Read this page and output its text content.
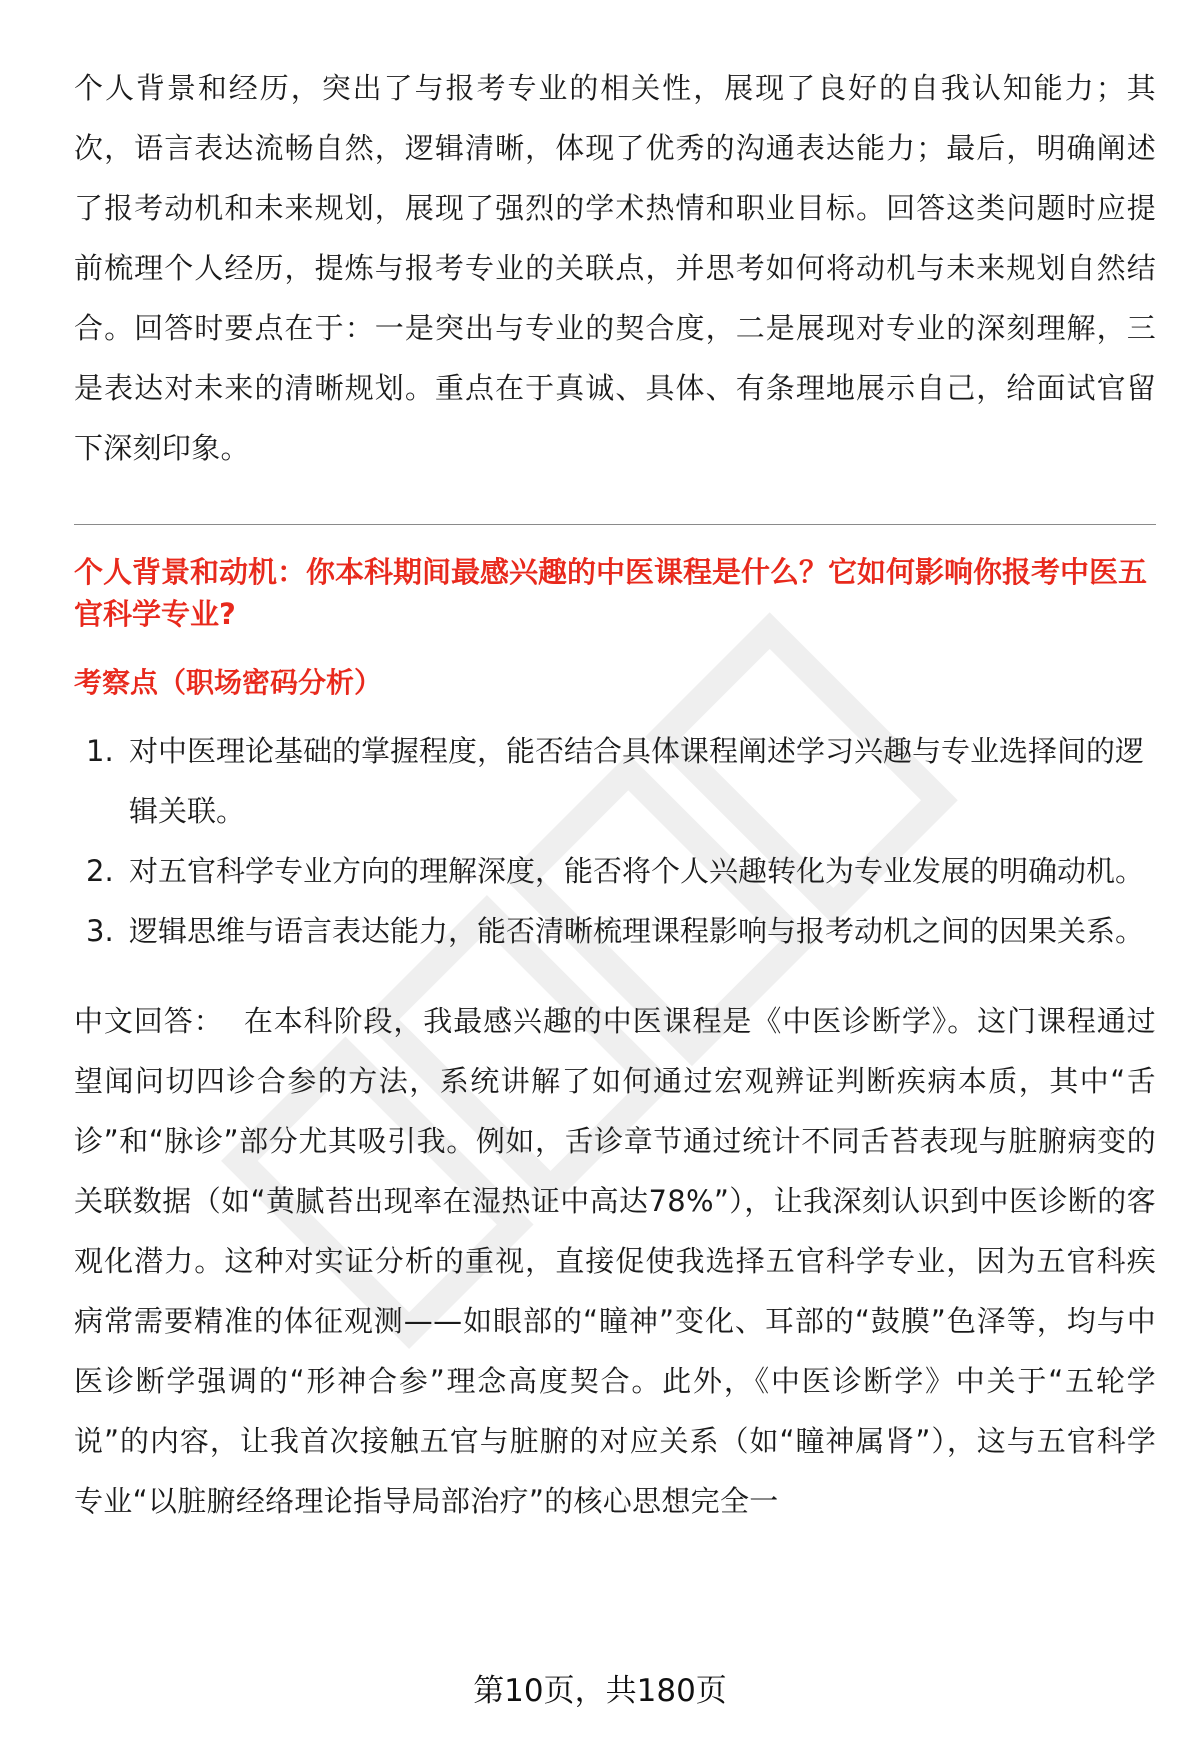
个人背景和经历，突出了与报考专业的相关性，展现了良好的自我认知能力；其次，语言表达流畅自然，逻辑清晰，体现了优秀的沟通表达能力；最后，明确阐述了报考动机和未来规划，展现了强烈的学术热情和职业目标。回答这类问题时应提前梳理个人经历，提炼与报考专业的关联点，并思考如何将动机与未来规划自然结合。回答时要点在于：一是突出与专业的契合度，二是展现对专业的深刻理解，三是表达对未来的清晰规划。重点在于真诚、具体、有条理地展示自己，给面试官留下深刻印象。

个人背景和动机：你本科期间最感兴趣的中医课程是什么？它如何影响你报考中医五官科学专业?

考察点（职场密码分析）

1. 对中医理论基础的掌握程度，能否结合具体课程阐述学习兴趣与专业选择间的逻辑关联。
2. 对五官科学专业方向的理解深度，能否将个人兴趣转化为专业发展的明确动机。
3. 逻辑思维与语言表达能力，能否清晰梳理课程影响与报考动机之间的因果关系。

中文回答： 在本科阶段，我最感兴趣的中医课程是《中医诊断学》。这门课程通过望闻问切四诊合参的方法，系统讲解了如何通过宏观辨证判断疾病本质，其中“舌诊”和“脉诊”部分尤其吸引我。例如，舌诊章节通过统计不同舌苔表现与脏腑病变的关联数据（如“黄腻苔出现率在湿热证中高达78%”），让我深刻认识到中医诊断的客观化潜力。这种对实证分析的重视，直接促使我选择五官科学专业，因为五官科疾病常需要精准的体征观测——如眼部的“瞳神”变化、耳部的“鼓膜”色泽等，均与中医诊断学强调的“形神合参”理念高度契合。此外，《中医诊断学》中关于“五轮学说”的内容，让我首次接触五官与脏腑的对应关系（如“瞳神属肾”），这与五官科学专业“以脏腑经络理论指导局部治疗”的核心思想完全一

第10页，共180页
